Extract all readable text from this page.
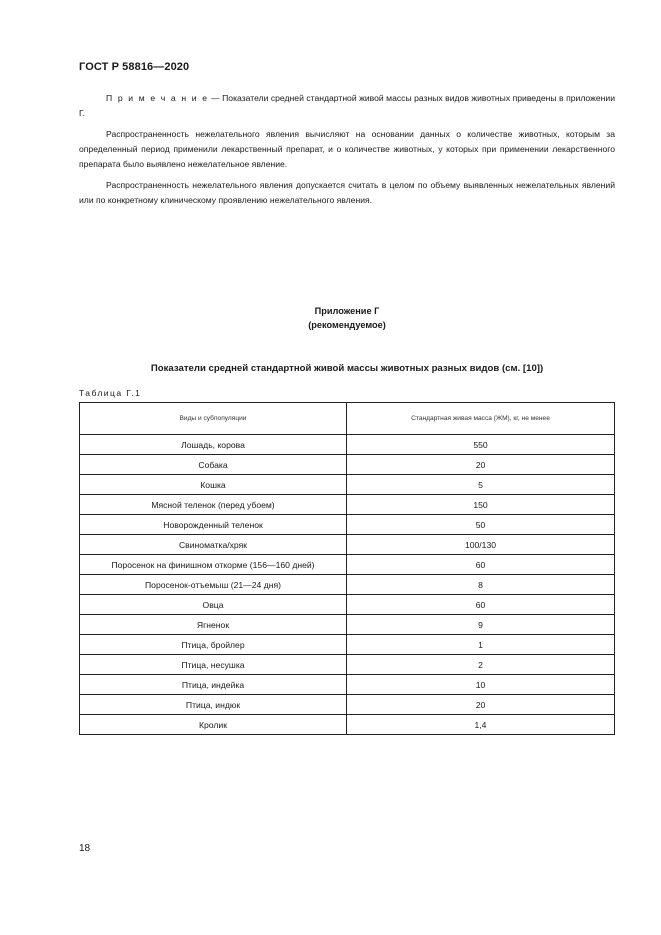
ГОСТ Р 58816—2020

П р и м е ч а н и е — Показатели средней стандартной живой массы разных видов животных приведены в приложении Г.

Распространенность нежелательного явления вычисляют на основании данных о количестве животных, которым за определенный период применили лекарственный препарат, и о количестве животных, у которых при применении лекарственного препарата было выявлено нежелательное явление.

Распространенность нежелательного явления допускается считать в целом по объему выявленных нежелательных явлений или по конкретному клиническому проявлению нежелательного явления.

Приложение Г
(рекомендуемое)
Показатели средней стандартной живой массы животных разных видов (см. [10])
Таблица Г.1
Виды и субпопуляции	Стандартная живая масса (ЖМ), кг, не менее
Лошадь, корова	550
Собака	20
Кошка	5
Мясной теленок (перед убоем)	150
Новорожденный теленок	50
Свиноматка/хряк	100/130
Поросенок на финишном откорме (156—160 дней)	60
Поросенок-отъемыш (21—24 дня)	8
Овца	60
Ягненок	9
Птица, бройлер	1
Птица, несушка	2
Птица, индейка	10
Птица, индюк	20
Кролик	1,4
18
